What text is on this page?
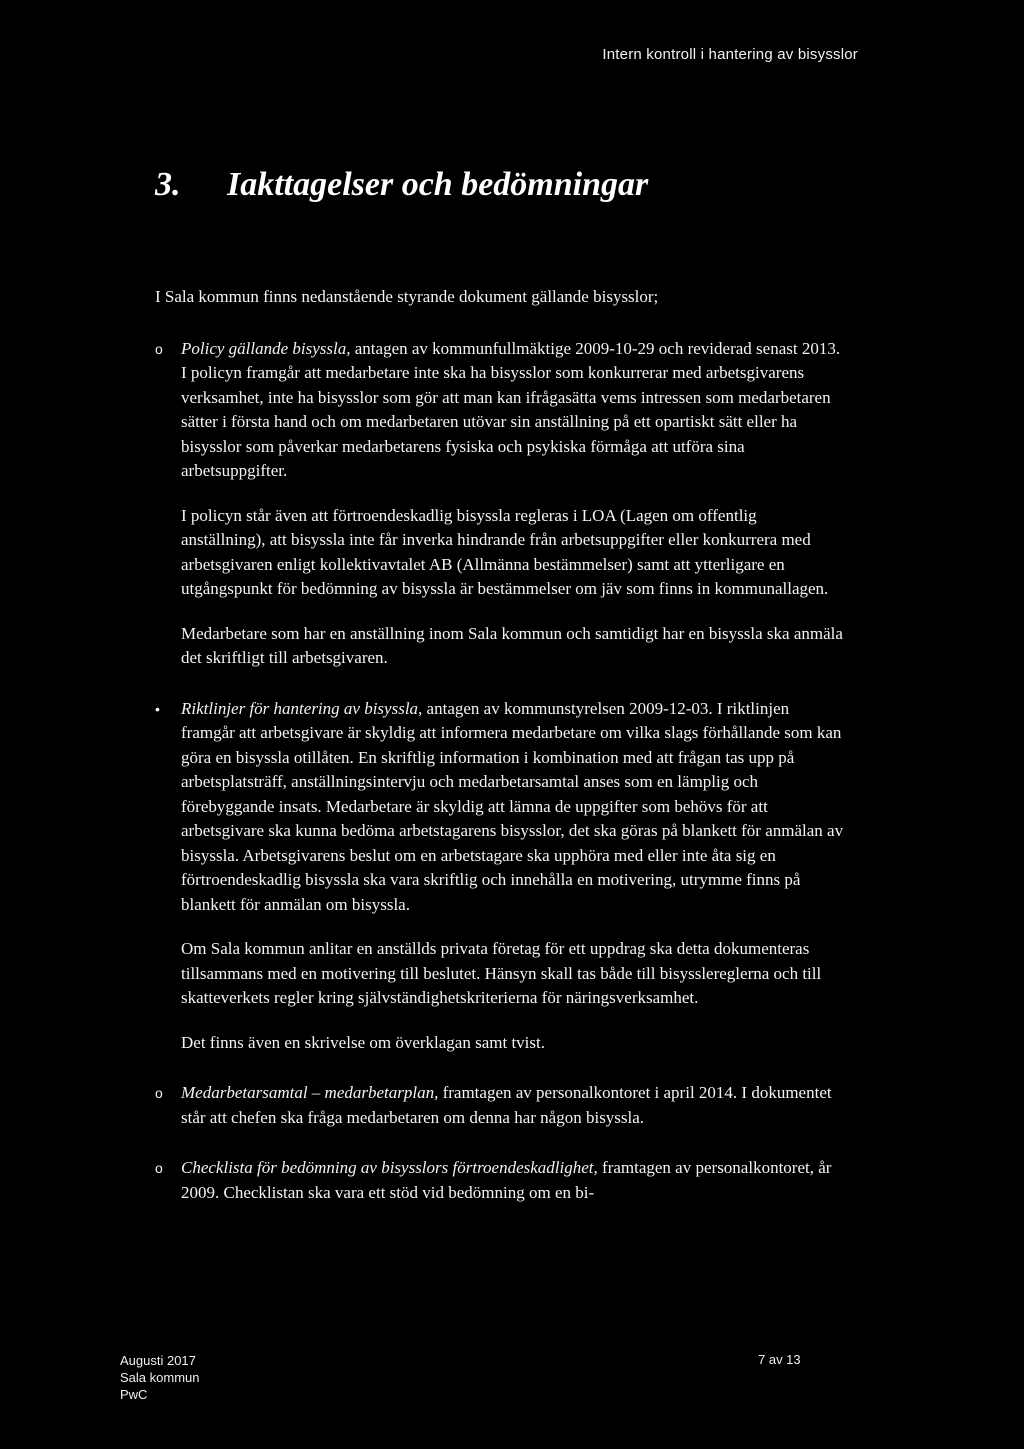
Intern kontroll i hantering av bisysslor
3. Iakttagelser och bedömningar

I Sala kommun finns nedanstående styrande dokument gällande bisysslor;

o Policy gällande bisyssla, antagen av kommunfullmäktige 2009-10-29 och reviderad senast 2013. I policyn framgår att medarbetare inte ska ha bisysslor som konkurrerar med arbetsgivarens verksamhet, inte ha bisysslor som gör att man kan ifrågasätta vems intressen som medarbetaren sätter i första hand och om medarbetaren utövar sin anställning på ett opartiskt sätt eller ha bisysslor som påverkar medarbetarens fysiska och psykiska förmåga att utföra sina arbetsuppgifter.

I policyn står även att förtroendeskadlig bisyssla regleras i LOA (Lagen om offentlig anställning), att bisyssla inte får inverka hindrande från arbetsuppgifter eller konkurrera med arbetsgivaren enligt kollektivavtalet AB (Allmänna bestämmelser) samt att ytterligare en utgångspunkt för bedömning av bisyssla är bestämmelser om jäv som finns in kommunallagen.

Medarbetare som har en anställning inom Sala kommun och samtidigt har en bisyssla ska anmäla det skriftligt till arbetsgivaren.

• Riktlinjer för hantering av bisyssla, antagen av kommunstyrelsen 2009-12-03. I riktlinjen framgår att arbetsgivare är skyldig att informera medarbetare om vilka slags förhållande som kan göra en bisyssla otillåten. En skriftlig information i kombination med att frågan tas upp på arbetsplatsträff, anställningsintervju och medarbetarsamtal anses som en lämplig och förebyggande insats. Medarbetare är skyldig att lämna de uppgifter som behövs för att arbetsgivare ska kunna bedöma arbetstagarens bisysslor, det ska göras på blankett för anmälan av bisyssla. Arbetsgivarens beslut om en arbetstagare ska upphöra med eller inte åta sig en förtroendeskadlig bisyssla ska vara skriftlig och innehålla en motivering, utrymme finns på blankett för anmälan om bisyssla.

Om Sala kommun anlitar en anställds privata företag för ett uppdrag ska detta dokumenteras tillsammans med en motivering till beslutet. Hänsyn skall tas både till bisysslereglerna och till skatteverkets regler kring självständighetskriterierna för näringsverksamhet.

Det finns även en skrivelse om överklagan samt tvist.

o Medarbetarsamtal – medarbetarplan, framtagen av personalkontoret i april 2014. I dokumentet står att chefen ska fråga medarbetaren om denna har någon bisyssla.

o Checklista för bedömning av bisysslors förtroendeskadlighet, framtagen av personalkontoret, år 2009. Checklistan ska vara ett stöd vid bedömning om en bi-

Augusti 2017
Sala kommun
PwC
7 av 13
